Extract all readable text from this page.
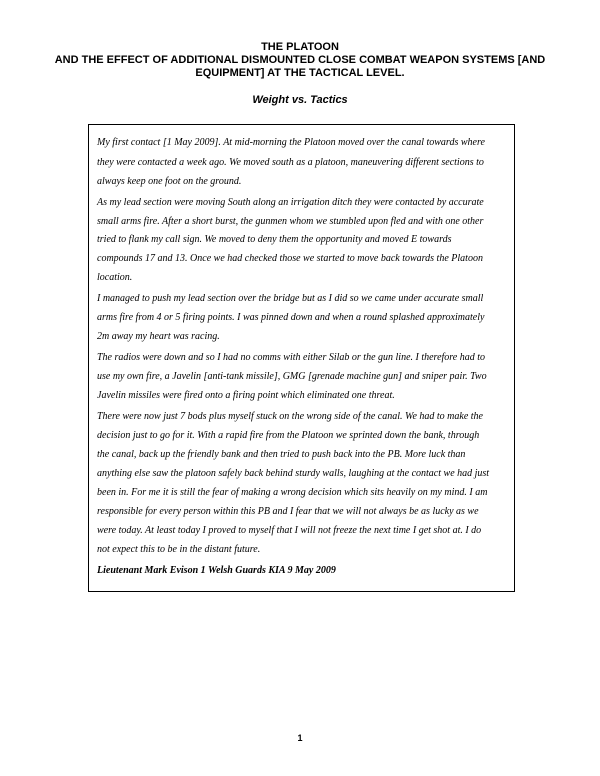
THE PLATOON
AND THE EFFECT OF ADDITIONAL DISMOUNTED CLOSE COMBAT WEAPON SYSTEMS [AND
EQUIPMENT] AT THE TACTICAL LEVEL.
Weight vs. Tactics
My first contact [1 May 2009]. At mid-morning the Platoon moved over the canal towards where
they were contacted a week ago. We moved south as a platoon, maneuvering different sections to
always keep one foot on the ground.
As my lead section were moving South along an irrigation ditch they were contacted by accurate
small arms fire. After a short burst, the gunmen whom we stumbled upon fled and with one other
tried to flank my call sign. We moved to deny them the opportunity and moved E towards
compounds 17 and 13. Once we had checked those we started to move back towards the Platoon
location.
I managed to push my lead section over the bridge but as I did so we came under accurate small
arms fire from 4 or 5 firing points. I was pinned down and when a round splashed approximately
2m away my heart was racing.
The radios were down and so I had no comms with either Silab or the gun line. I therefore had to
use my own fire, a Javelin [anti-tank missile], GMG [grenade machine gun] and sniper pair. Two
Javelin missiles were fired onto a firing point which eliminated one threat.
There were now just 7 bods plus myself stuck on the wrong side of the canal. We had to make the
decision just to go for it. With a rapid fire from the Platoon we sprinted down the bank, through
the canal, back up the friendly bank and then tried to push back into the PB. More luck than
anything else saw the platoon safely back behind sturdy walls, laughing at the contact we had just
been in. For me it is still the fear of making a wrong decision which sits heavily on my mind. I am
responsible for every person within this PB and I fear that we will not always be as lucky as we
were today. At least today I proved to myself that I will not freeze the next time I get shot at. I do
not expect this to be in the distant future.
Lieutenant Mark Evison 1 Welsh Guards KIA 9 May 2009
1
